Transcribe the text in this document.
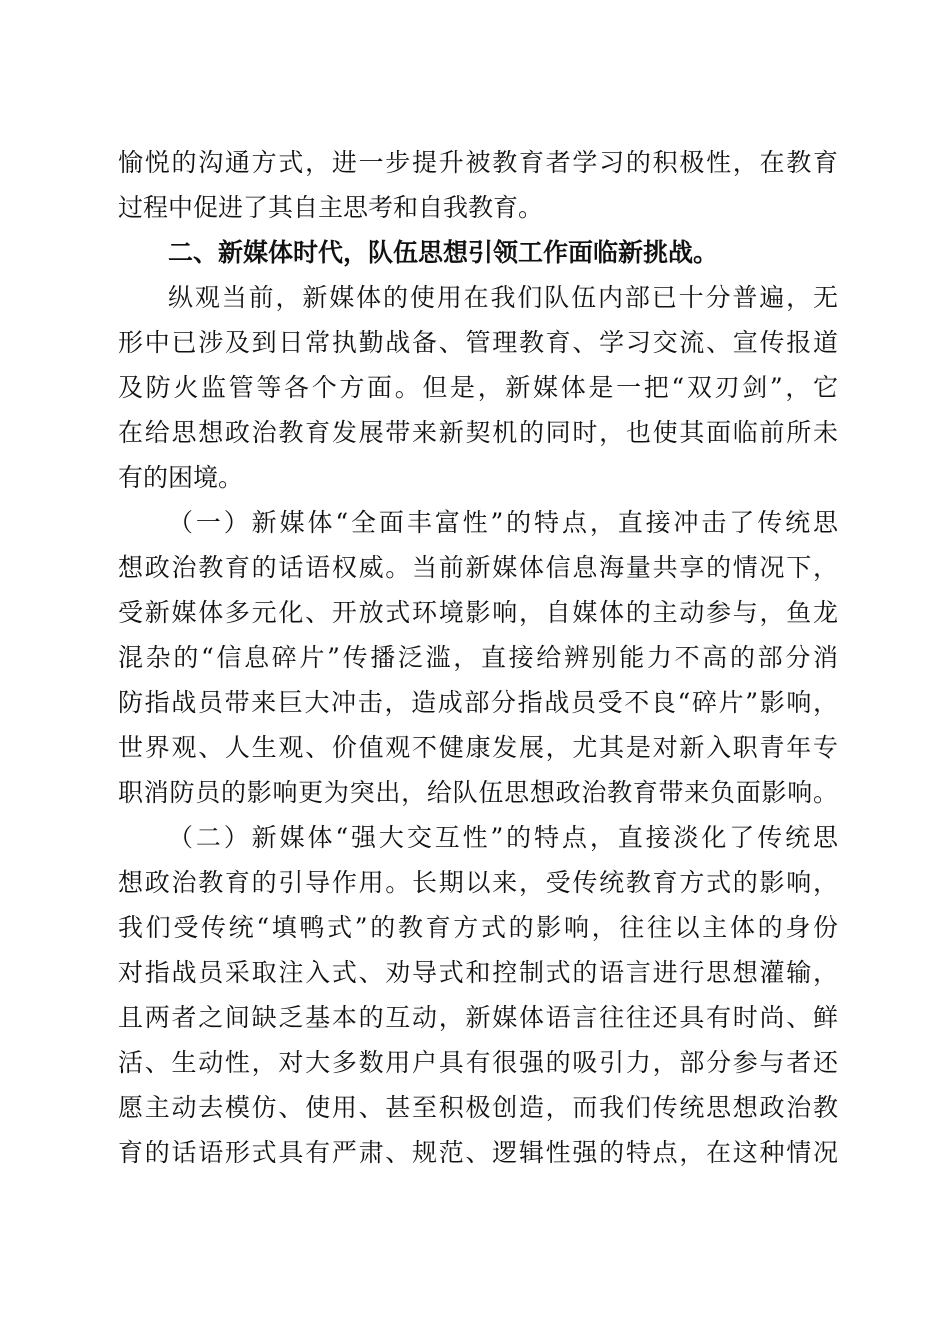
愉悦的沟通方式，进一步提升被教育者学习的积极性，在教育
过程中促进了其自主思考和自我教育。
二、新媒体时代，队伍思想引领工作面临新挑战。
纵观当前，新媒体的使用在我们队伍内部已十分普遍，无
形中已涉及到日常执勤战备、管理教育、学习交流、宣传报道
及防火监管等各个方面。但是，新媒体是一把“双刃剑”，它
在给思想政治教育发展带来新契机的同时，也使其面临前所未
有的困境。
（一）新媒体“全面丰富性”的特点，直接冲击了传统思
想政治教育的话语权威。当前新媒体信息海量共享的情况下，
受新媒体多元化、开放式环境影响，自媒体的主动参与，鱼龙
混杂的“信息碎片”传播泛滥，直接给辨别能力不高的部分消
防指战员带来巨大冲击，造成部分指战员受不良“碎片”影响，
世界观、人生观、价值观不健康发展，尤其是对新入职青年专
职消防员的影响更为突出，给队伍思想政治教育带来负面影响。
（二）新媒体“强大交互性”的特点，直接淡化了传统思
想政治教育的引导作用。长期以来，受传统教育方式的影响，
我们受传统“填鸭式”的教育方式的影响，往往以主体的身份
对指战员采取注入式、劝导式和控制式的语言进行思想灌输，
且两者之间缺乏基本的互动，新媒体语言往往还具有时尚、鲜
活、生动性，对大多数用户具有很强的吸引力，部分参与者还
愿主动去模仿、使用、甚至积极创造，而我们传统思想政治教
育的话语形式具有严肃、规范、逻辑性强的特点，在这种情况
